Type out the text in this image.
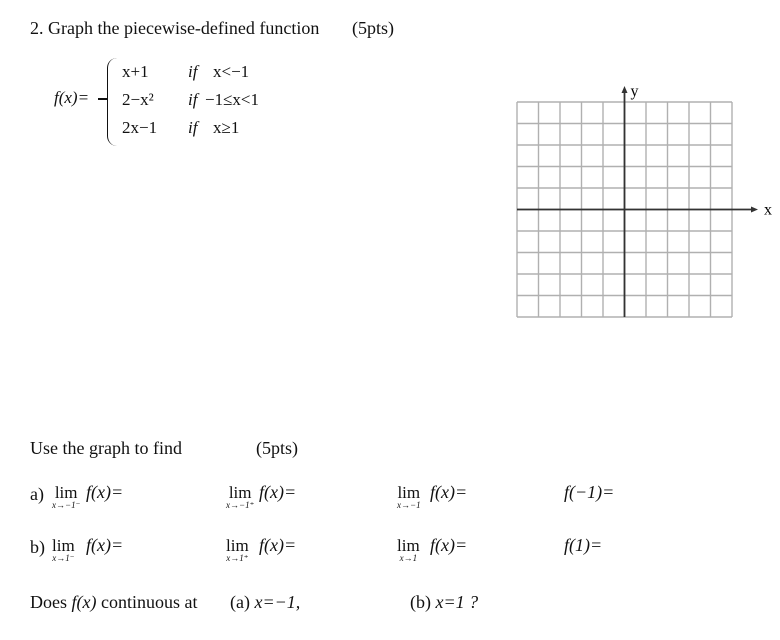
2. Graph the piecewise-defined function (5pts)
f(x)=
x+1 if x<−1
2−x² if −1≤x<1
2x−1 if x≥1
x
y
Use the graph to find	(5pts)
a) lim
x→−1⁻
f(x)=	lim
x→−1⁺
f(x)=	lim
x→−1
f(x)=	f(−1)=
b) lim
x→1⁻
f(x)=	lim
x→1⁺
f(x)=	lim
x→1
f(x)=	f(1)=
Does f(x) continuous at (a) x=−1,	(b) x=1 ?
